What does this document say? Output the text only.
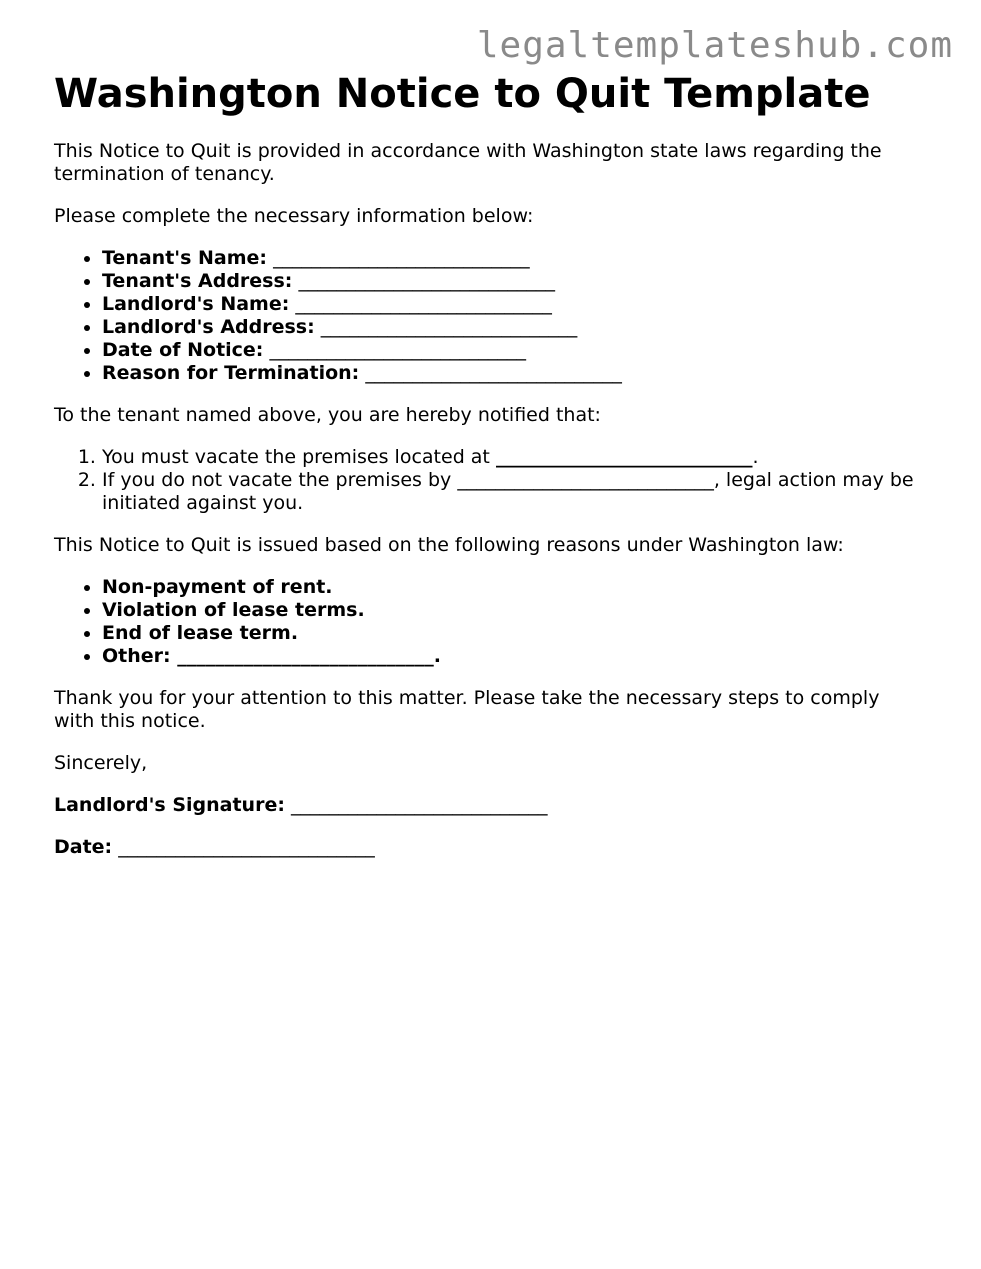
legaltemplateshub.com
Washington Notice to Quit Template

This Notice to Quit is provided in accordance with Washington state laws regarding the termination of tenancy.

Please complete the necessary information below:

• Tenant's Name: ___________________________
• Tenant's Address: ___________________________
• Landlord's Name: ___________________________
• Landlord's Address: ___________________________
• Date of Notice: ___________________________
• Reason for Termination: ___________________________

To the tenant named above, you are hereby notified that:

1. You must vacate the premises located at ___________________________.
2. If you do not vacate the premises by ___________________________, legal action may be initiated against you.

This Notice to Quit is issued based on the following reasons under Washington law:

• Non-payment of rent.
• Violation of lease terms.
• End of lease term.
• Other: ___________________________.

Thank you for your attention to this matter. Please take the necessary steps to comply with this notice.

Sincerely,

Landlord's Signature: ___________________________

Date: ___________________________
